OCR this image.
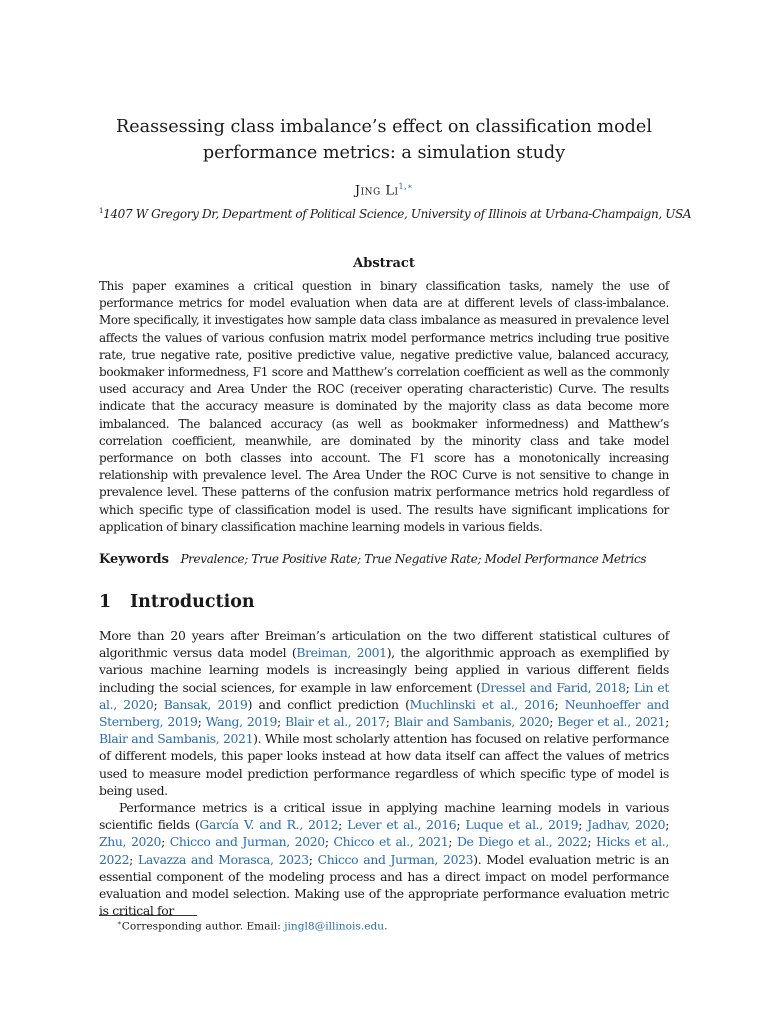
Reassessing class imbalance’s effect on classification model performance metrics: a simulation study
Jing $Li^{1,∗}$
$^1$1407 W Gregory Dr, Department of Political Science, University of Illinois at Urbana-Champaign, USA
Abstract

This paper examines a critical question in binary classification tasks, namely the use of performance metrics for model evaluation when data are at different levels of class-imbalance. More specifically, it investigates how sample data class imbalance as measured in prevalence level affects the values of various confusion matrix model performance metrics including true positive rate, true negative rate, positive predictive value, negative predictive value, balanced accuracy, bookmaker informedness, F1 score and Matthew’s correlation coefficient as well as the commonly used accuracy and Area Under the ROC (receiver operating characteristic) Curve. The results indicate that the accuracy measure is dominated by the majority class as data become more imbalanced. The balanced accuracy (as well as bookmaker informedness) and Matthew’s correlation coefficient, meanwhile, are dominated by the minority class and take model performance on both classes into account. The F1 score has a monotonically increasing relationship with prevalence level. The Area Under the ROC Curve is not sensitive to change in prevalence level. These patterns of the confusion matrix performance metrics hold regardless of which specific type of classification model is used. The results have significant implications for application of binary classification machine learning models in various fields.

Keywords Prevalence; True Positive Rate; True Negative Rate; Model Performance Metrics
1 Introduction

More than 20 years after Breiman’s articulation on the two different statistical cultures of algorithmic versus data model (Breiman, 2001), the algorithmic approach as exemplified by various machine learning models is increasingly being applied in various different fields including the social sciences, for example in law enforcement (Dressel and Farid, 2018; Lin et al., 2020; Bansak, 2019) and conflict prediction (Muchlinski et al., 2016; Neunhoeffer and Sternberg, 2019; Wang, 2019; Blair et al., 2017; Blair and Sambanis, 2020; Beger et al., 2021; Blair and Sambanis, 2021). While most scholarly attention has focused on relative performance of different models, this paper looks instead at how data itself can affect the values of metrics used to measure model prediction performance regardless of which specific type of model is being used.

Performance metrics is a critical issue in applying machine learning models in various scientific fields (García V. and R., 2012; Lever et al., 2016; Luque et al., 2019; Jadhav, 2020; Zhu, 2020; Chicco and Jurman, 2020; Chicco et al., 2021; De Diego et al., 2022; Hicks et al., 2022; Lavazza and Morasca, 2023; Chicco and Jurman, 2023). Model evaluation metric is an essential component of the modeling process and has a direct impact on model performance evaluation and model selection. Making use of the appropriate performance evaluation metric is critical for

∗Corresponding author. Email: jingl8@illinois.edu.
